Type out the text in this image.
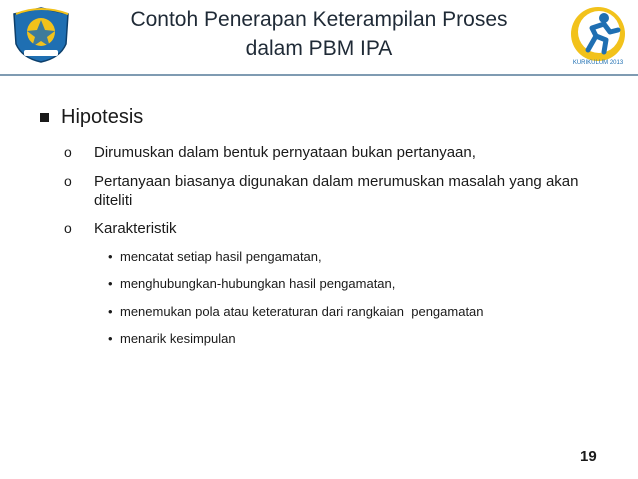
Contoh Penerapan Keterampilan Proses
dalam PBM IPA
KURIKULUM 2013
Hipotesis
o Dirumuskan dalam bentuk pernyataan bukan pertanyaan,
o Pertanyaan biasanya digunakan dalam merumuskan masalah yang akan diteliti
o Karakteristik
• mencatat setiap hasil pengamatan,
• menghubungkan-hubungkan hasil pengamatan,
• menemukan pola atau keteraturan dari rangkaian  pengamatan
• menarik kesimpulan
19
